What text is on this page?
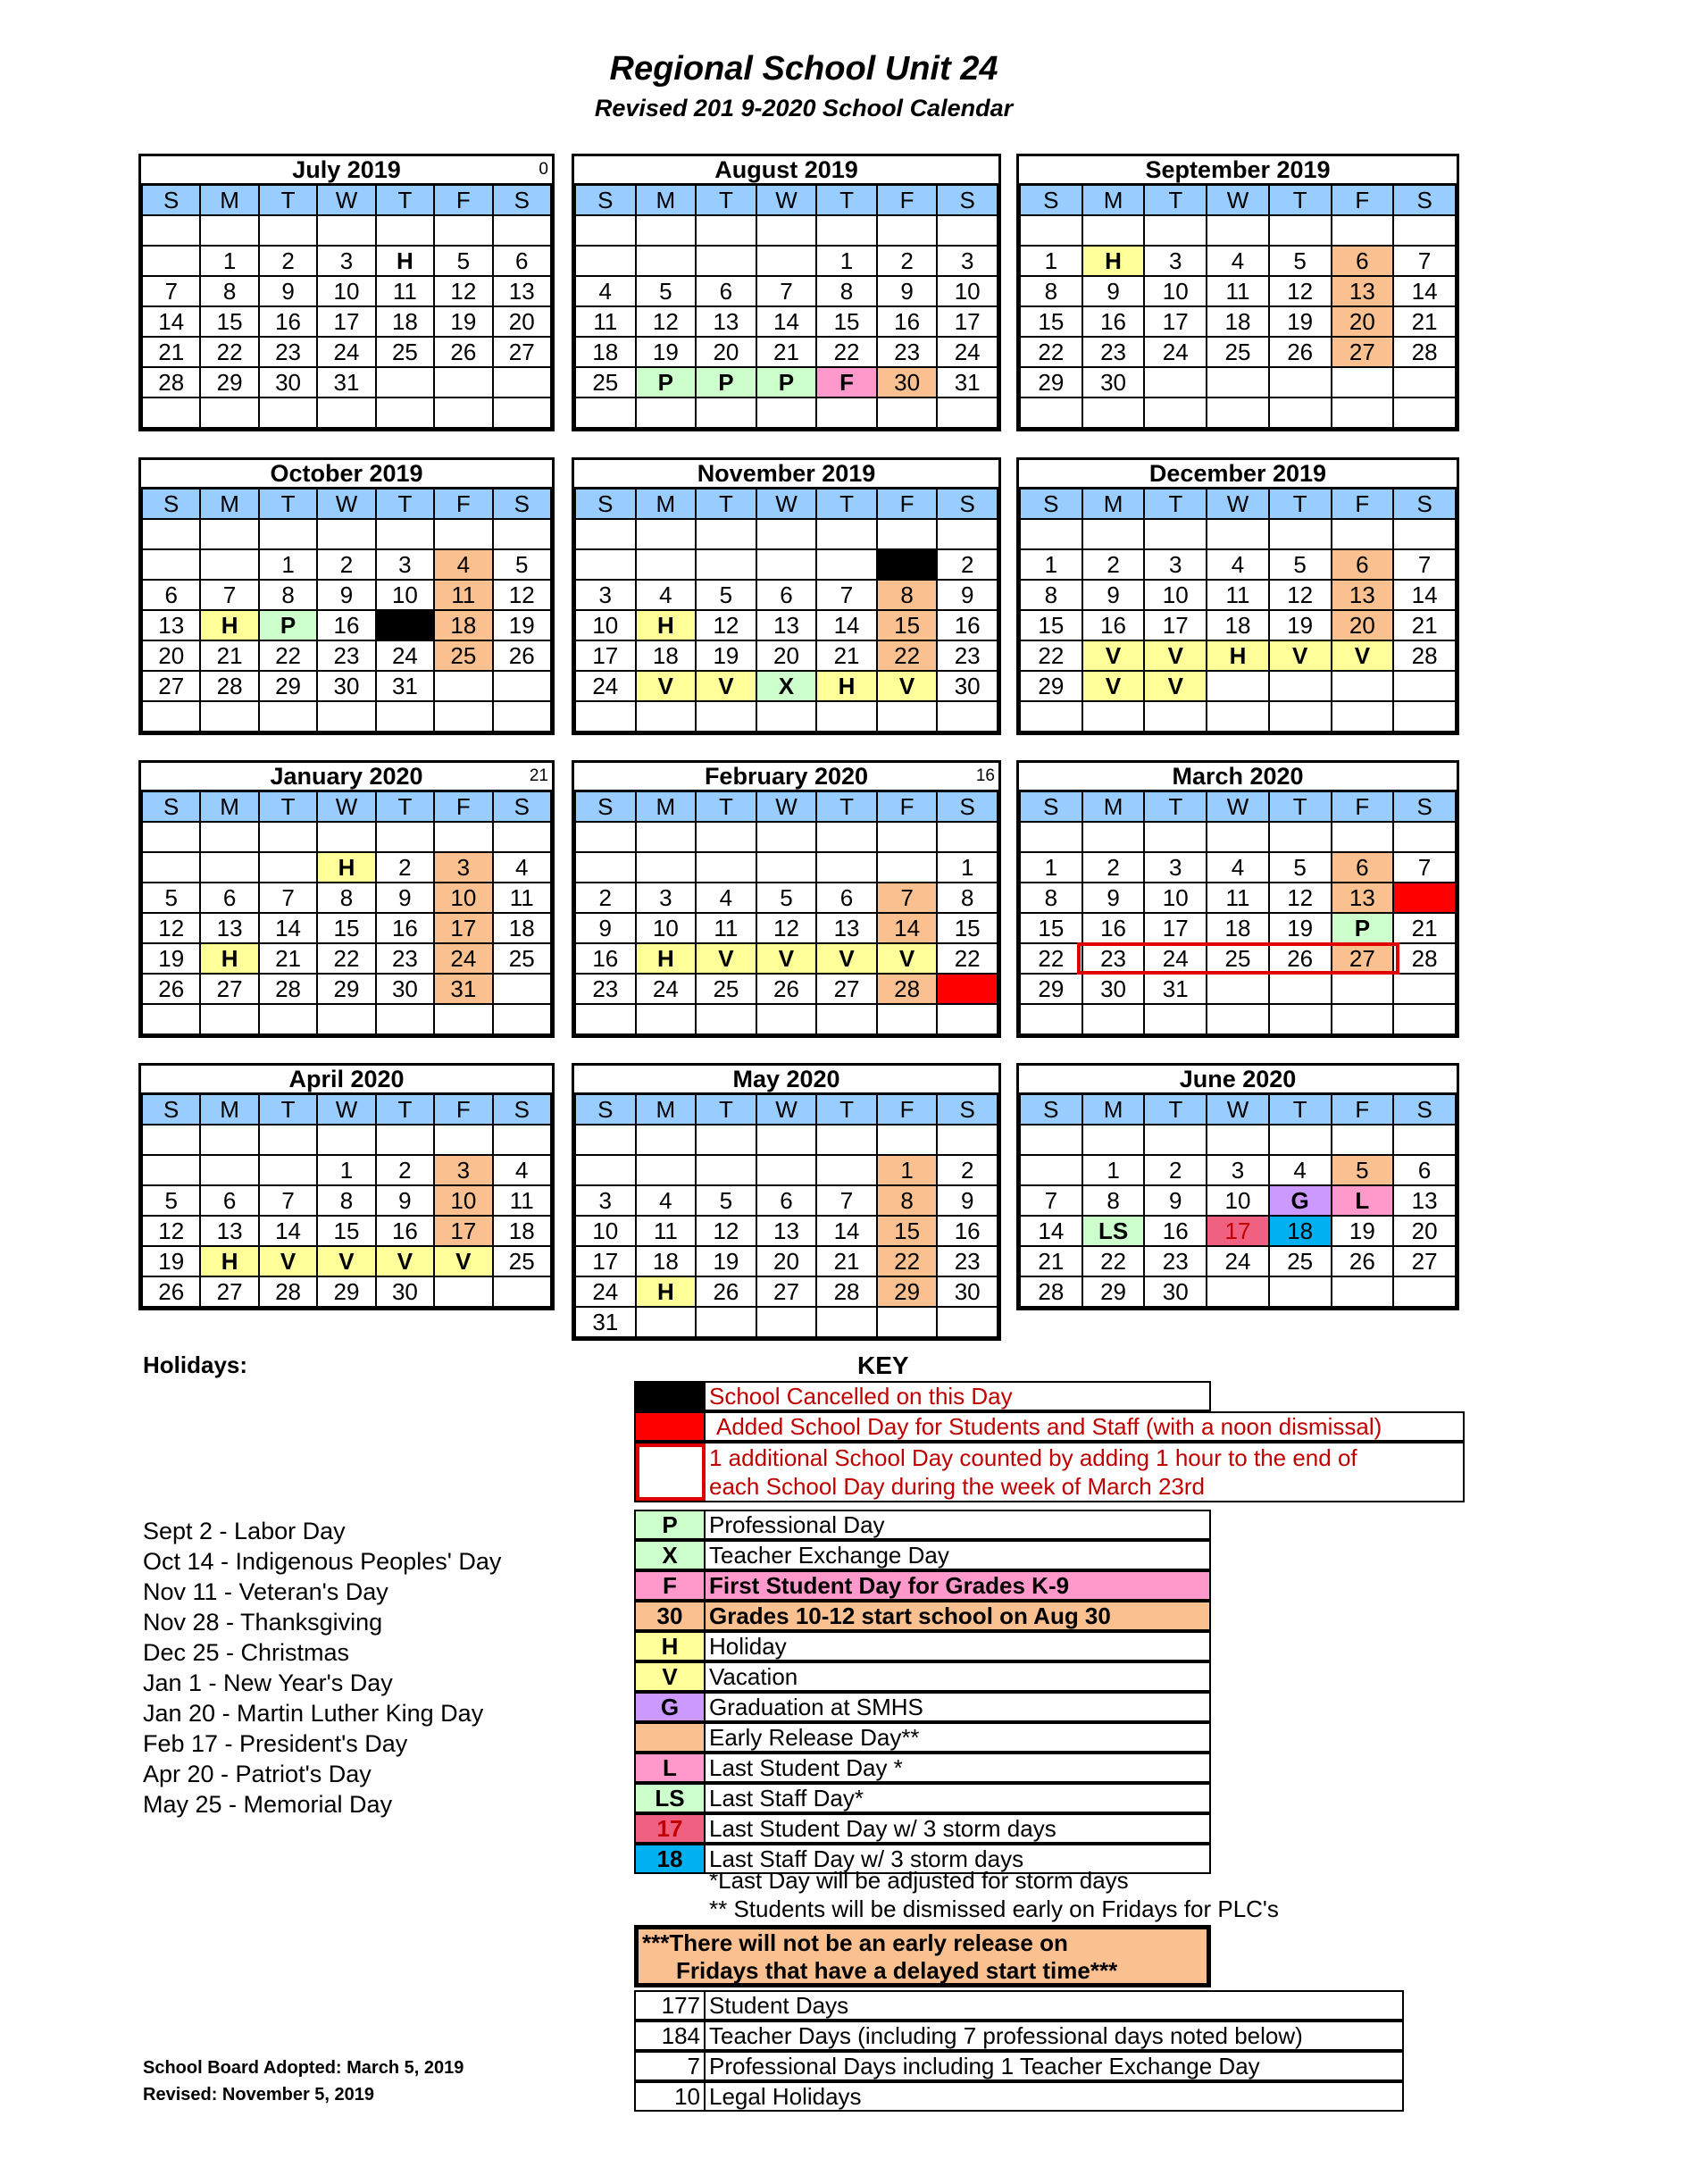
Regional School Unit 24
Revised 201 9-2020 School Calendar
July 2019	0
S	M	T	W	T	F	S

	1	2	3	H	5	6
7	8	9	10	11	12	13
14	15	16	17	18	19	20
21	22	23	24	25	26	27
28	29	30	31			

August 2019
S	M	T	W	T	F	S

				1	2	3
4	5	6	7	8	9	10
11	12	13	14	15	16	17
18	19	20	21	22	23	24
25	P	P	P	F	30	31

September 2019
S	M	T	W	T	F	S

1	H	3	4	5	6	7
8	9	10	11	12	13	14
15	16	17	18	19	20	21
22	23	24	25	26	27	28
29	30					

October 2019
S	M	T	W	T	F	S

		1	2	3	4	5
6	7	8	9	10	11	12
13	H	P	16		18	19
20	21	22	23	24	25	26
27	28	29	30	31		

November 2019
S	M	T	W	T	F	S

						2
3	4	5	6	7	8	9
10	H	12	13	14	15	16
17	18	19	20	21	22	23
24	V	V	X	H	V	30

December 2019
S	M	T	W	T	F	S

1	2	3	4	5	6	7
8	9	10	11	12	13	14
15	16	17	18	19	20	21
22	V	V	H	V	V	28
29	V	V				

January 2020	21
S	M	T	W	T	F	S

			H	2	3	4
5	6	7	8	9	10	11
12	13	14	15	16	17	18
19	H	21	22	23	24	25
26	27	28	29	30	31	

February 2020	16
S	M	T	W	T	F	S

						1
2	3	4	5	6	7	8
9	10	11	12	13	14	15
16	H	V	V	V	V	22
23	24	25	26	27	28	29

March 2020
S	M	T	W	T	F	S

1	2	3	4	5	6	7
8	9	10	11	12	13	14
15	16	17	18	19	P	21
22	23	24	25	26	27	28
29	30	31				

April 2020
S	M	T	W	T	F	S

			1	2	3	4
5	6	7	8	9	10	11
12	13	14	15	16	17	18
19	H	V	V	V	V	25
26	27	28	29	30		
May 2020
S	M	T	W	T	F	S

					1	2
3	4	5	6	7	8	9
10	11	12	13	14	15	16
17	18	19	20	21	22	23
24	H	26	27	28	29	30
31						
June 2020
S	M	T	W	T	F	S

	1	2	3	4	5	6
7	8	9	10	G	L	13
14	LS	16	17	18	19	20
21	22	23	24	25	26	27
28	29	30				
Holidays:
Sept 2 - Labor Day
Oct 14 - Indigenous Peoples' Day
Nov 11 - Veteran's Day
Nov 28 - Thanksgiving
Dec 25 - Christmas
Jan 1 - New Year's Day
Jan 20 - Martin Luther King Day
Feb 17 - President's Day
Apr 20 - Patriot's Day
May 25 - Memorial Day
KEY
School Cancelled on this Day
Added School Day for Students and Staff (with a noon dismissal)
1 additional School Day counted by adding 1 hour to the end of
each School Day during the week of March 23rd
P	Professional Day
X	Teacher Exchange Day
F	First Student Day for Grades K-9
30	Grades 10-12 start school on Aug 30
H	Holiday
V	Vacation
G	Graduation at SMHS
Early Release Day**
L	Last Student Day *
LS	Last Staff Day*
17	Last Student Day w/ 3 storm days
18	Last Staff Day w/ 3 storm days
*Last Day will be adjusted for storm days
** Students will be dismissed early on Fridays for PLC's
***There will not be an early release on
Fridays that have a delayed start time***
177 Student Days
184 Teacher Days (including 7 professional days noted below)
7 Professional Days including 1 Teacher Exchange Day
10 Legal Holidays
School Board Adopted: March 5, 2019
Revised: November 5, 2019
